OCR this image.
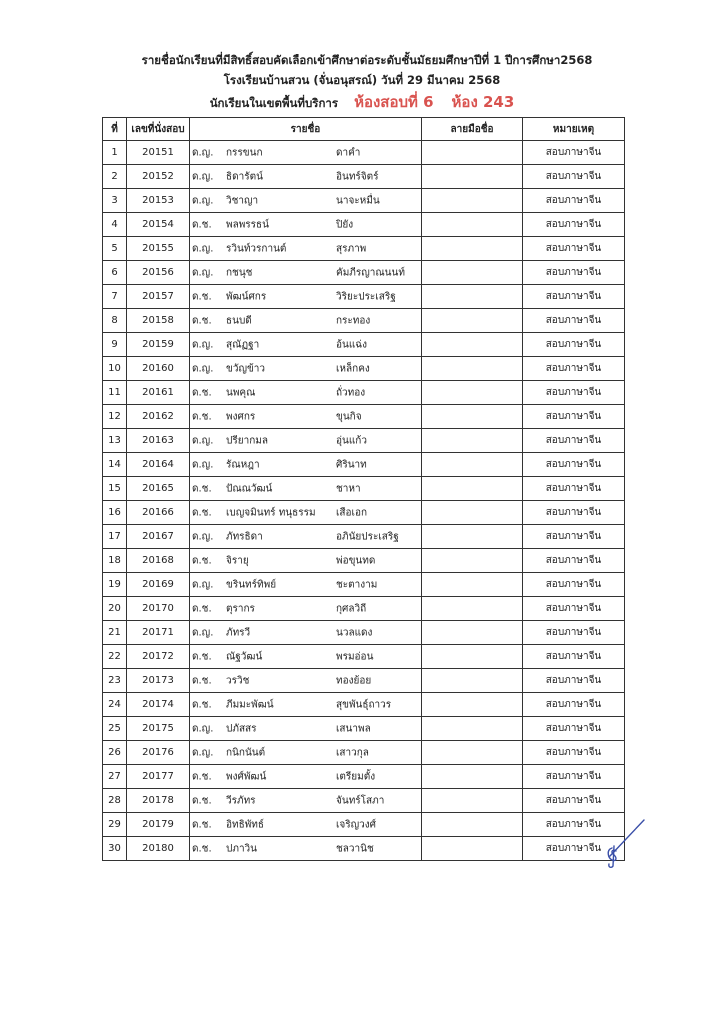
รายชื่อนักเรียนที่มีสิทธิ์สอบคัดเลือกเข้าศึกษาต่อระดับชั้นมัธยมศึกษาปีที่ 1 ปีการศึกษา2568
โรงเรียนบ้านสวน (จั่นอนุสรณ์) วันที่ 29 มีนาคม 2568
นักเรียนในเขตพื้นที่บริการ ห้องสอบที่ 6 ห้อง 243
ที่	เลขที่นั่งสอบ	รายชื่อ	ลายมือชื่อ	หมายเหตุ
1	20151	ด.ญ. กรรขนก ดาคำ		สอบภาษาจีน
2	20152	ด.ญ. ธิดารัตน์ อินทร์จิตร์		สอบภาษาจีน
3	20153	ด.ญ. วิชาญา นาจะหมื่น		สอบภาษาจีน
4	20154	ด.ช. พลพรรธน์ ปิยัง		สอบภาษาจีน
5	20155	ด.ญ. รวินท์วรกานต์ สุรภาพ		สอบภาษาจีน
6	20156	ด.ญ. กชนุช คัมภีรญาณนนท์		สอบภาษาจีน
7	20157	ด.ช. พัฒน์ศกร วิริยะประเสริฐ		สอบภาษาจีน
8	20158	ด.ช. ธนบดี กระทอง		สอบภาษาจีน
9	20159	ด.ญ. สุณัฏฐา อ้นแฉ่ง		สอบภาษาจีน
10	20160	ด.ญ. ขวัญข้าว เหล็กคง		สอบภาษาจีน
11	20161	ด.ช. นพคุณ ถั่วทอง		สอบภาษาจีน
12	20162	ด.ช. พงศกร ขุนกิจ		สอบภาษาจีน
13	20163	ด.ญ. ปรียากมล อุ่นแก้ว		สอบภาษาจีน
14	20164	ด.ญ. รัณหฎา ศิรินาท		สอบภาษาจีน
15	20165	ด.ช. ปัณณวัฒน์ ชาหา		สอบภาษาจีน
16	20166	ด.ช. เบญจมินทร์ ทนุธรรม เสือเอก		สอบภาษาจีน
17	20167	ด.ญ. ภัทรธิดา อภินัยประเสริฐ		สอบภาษาจีน
18	20168	ด.ช. จิรายุ พ่อขุนทด		สอบภาษาจีน
19	20169	ด.ญ. ขรินทร์ทิพย์ ชะตางาม		สอบภาษาจีน
20	20170	ด.ช. ตุรากร กุศลวิถี		สอบภาษาจีน
21	20171	ด.ญ. ภัทรวี นวลแดง		สอบภาษาจีน
22	20172	ด.ช. ณัฐวัฒน์ พรมอ่อน		สอบภาษาจีน
23	20173	ด.ช. วรวิช ทองย้อย		สอบภาษาจีน
24	20174	ด.ช. ภีมมะพัฒน์ สุขพันธุ์ถาวร		สอบภาษาจีน
25	20175	ด.ญ. ปภัสสร เสนาพล		สอบภาษาจีน
26	20176	ด.ญ. กนิกนันต์ เสาวกุล		สอบภาษาจีน
27	20177	ด.ช. พงศ์พัฒน์ เตรียมตั้ง		สอบภาษาจีน
28	20178	ด.ช. วีรภัทร จันทร์โสภา		สอบภาษาจีน
29	20179	ด.ช. อิทธิพัทธ์ เจริญวงศ์		สอบภาษาจีน
30	20180	ด.ช. ปภาวิน ชลวานิช		สอบภาษาจีน
